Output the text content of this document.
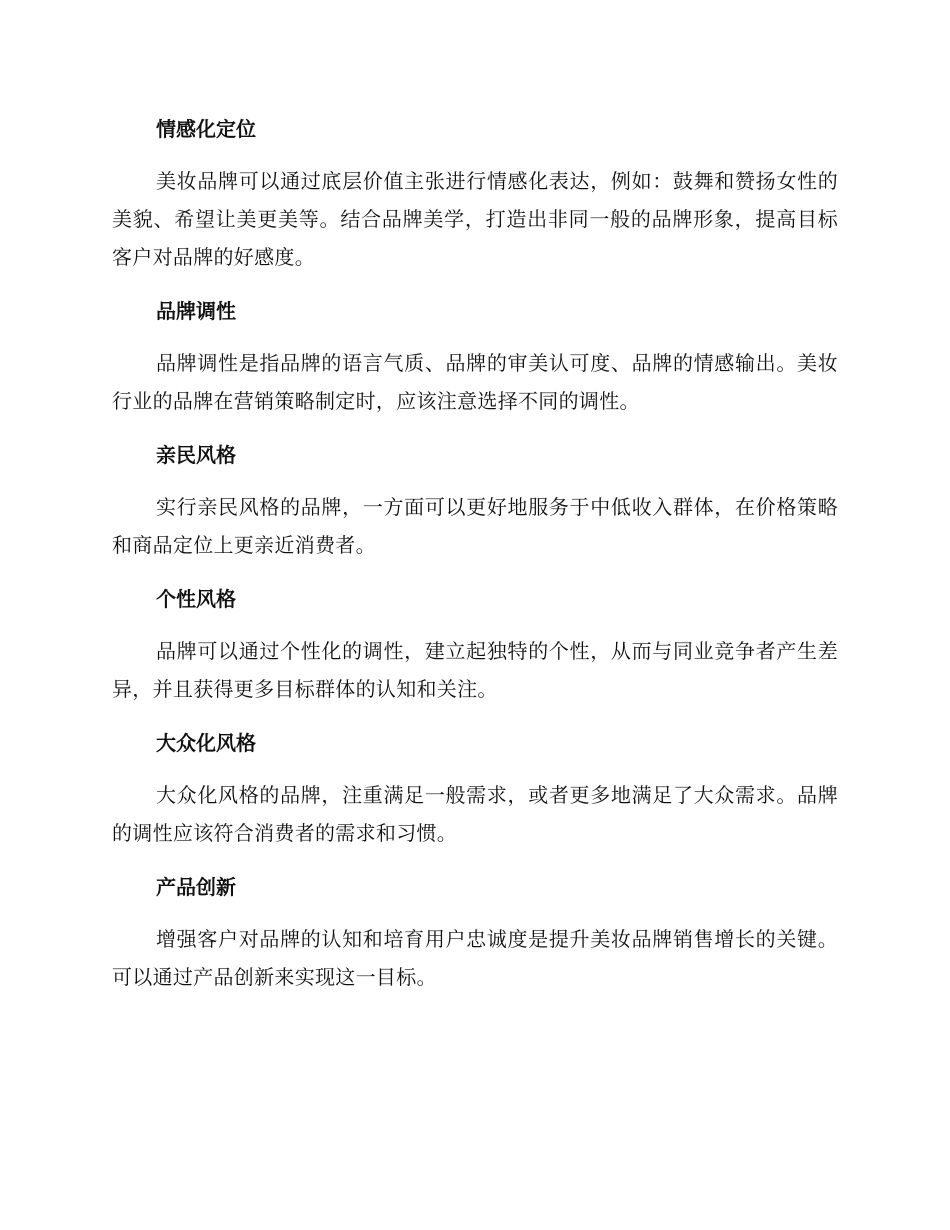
情感化定位

美妆品牌可以通过底层价值主张进行情感化表达，例如：鼓舞和赞扬女性的美貌、希望让美更美等。结合品牌美学，打造出非同一般的品牌形象，提高目标客户对品牌的好感度。

品牌调性

品牌调性是指品牌的语言气质、品牌的审美认可度、品牌的情感输出。美妆行业的品牌在营销策略制定时，应该注意选择不同的调性。

亲民风格

实行亲民风格的品牌，一方面可以更好地服务于中低收入群体，在价格策略和商品定位上更亲近消费者。

个性风格

品牌可以通过个性化的调性，建立起独特的个性，从而与同业竞争者产生差异，并且获得更多目标群体的认知和关注。

大众化风格

大众化风格的品牌，注重满足一般需求，或者更多地满足了大众需求。品牌的调性应该符合消费者的需求和习惯。

产品创新

增强客户对品牌的认知和培育用户忠诚度是提升美妆品牌销售增长的关键。可以通过产品创新来实现这一目标。
